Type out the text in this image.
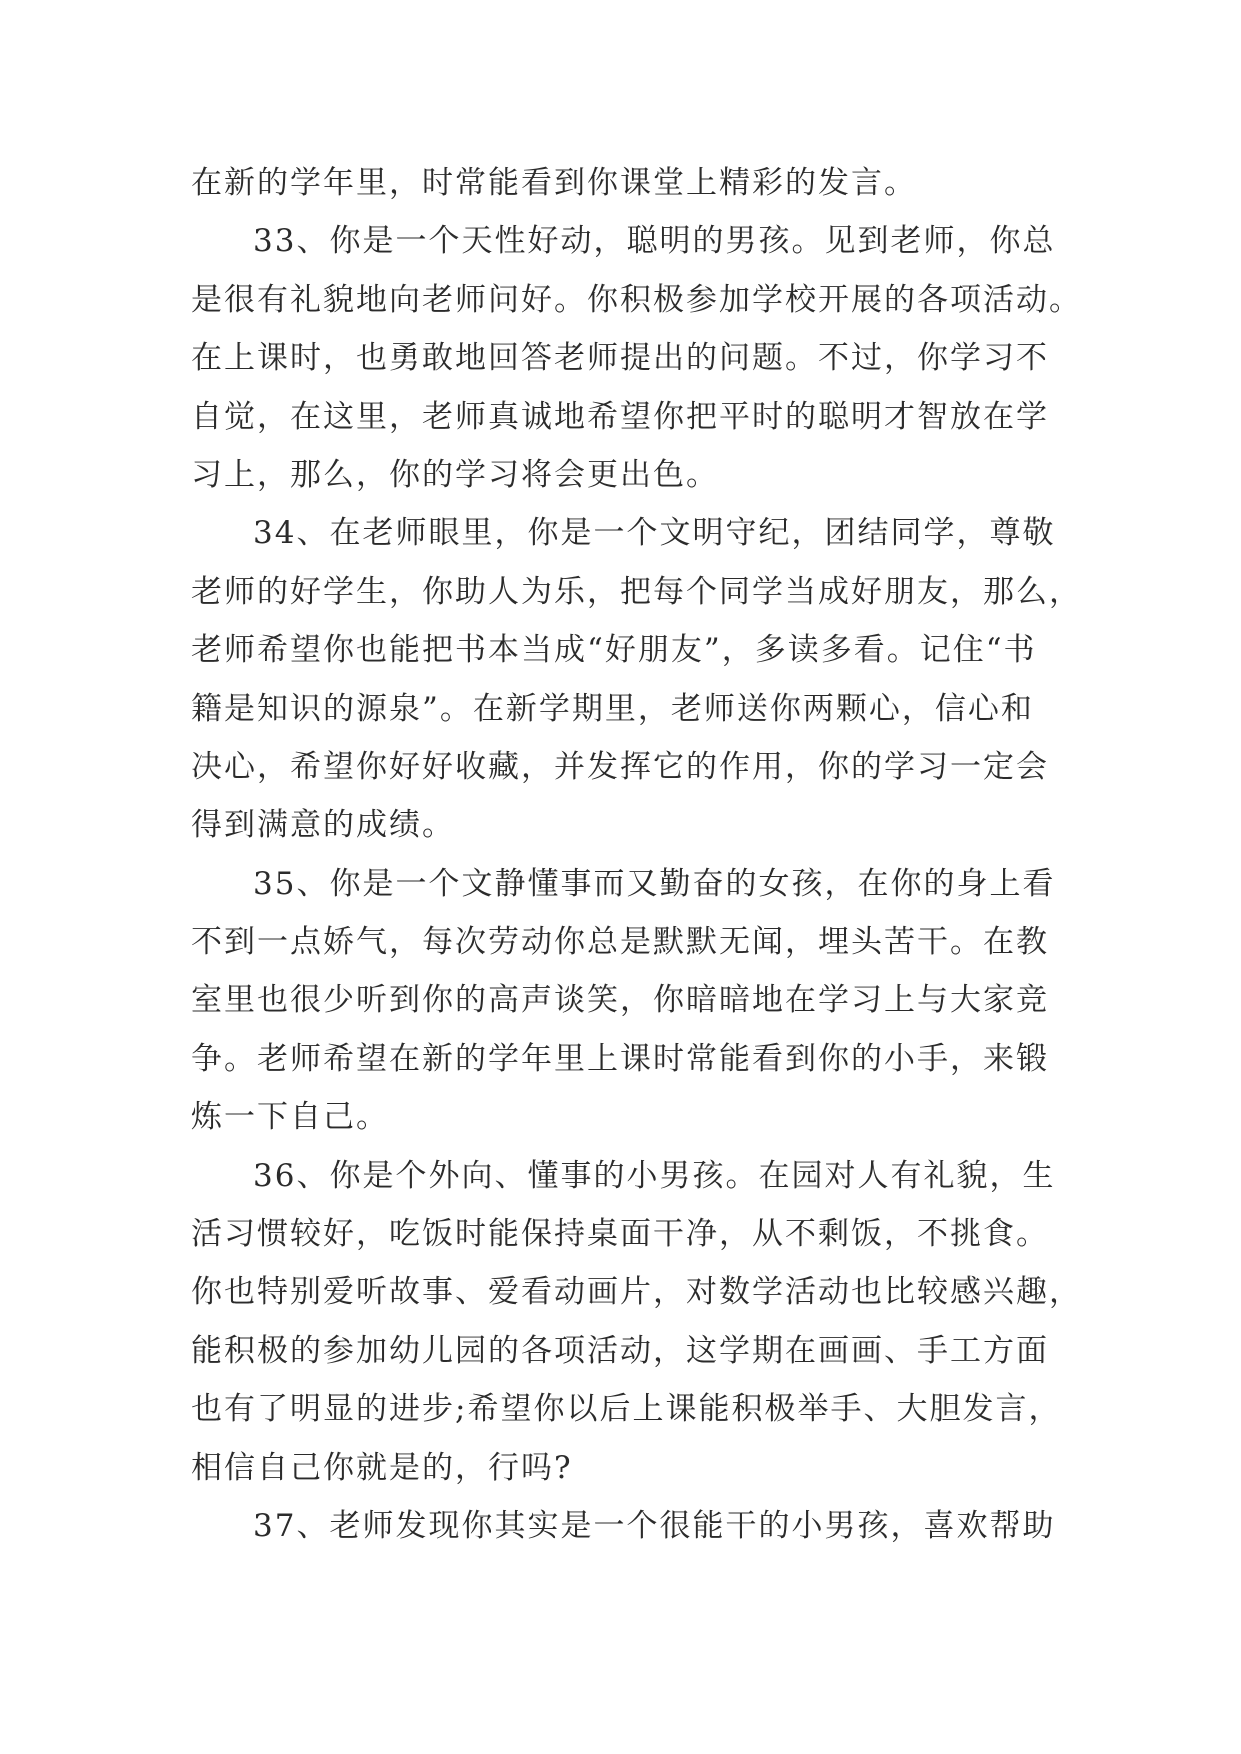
在新的学年里，时常能看到你课堂上精彩的发言。
33、你是一个天性好动，聪明的男孩。见到老师，你总
是很有礼貌地向老师问好。你积极参加学校开展的各项活动。
在上课时，也勇敢地回答老师提出的问题。不过，你学习不
自觉，在这里，老师真诚地希望你把平时的聪明才智放在学
习上，那么，你的学习将会更出色。
34、在老师眼里，你是一个文明守纪，团结同学，尊敬
老师的好学生，你助人为乐，把每个同学当成好朋友，那么，
老师希望你也能把书本当成“好朋友”，多读多看。记住“书
籍是知识的源泉”。在新学期里，老师送你两颗心，信心和
决心，希望你好好收藏，并发挥它的作用，你的学习一定会
得到满意的成绩。
35、你是一个文静懂事而又勤奋的女孩，在你的身上看
不到一点娇气，每次劳动你总是默默无闻，埋头苦干。在教
室里也很少听到你的高声谈笑，你暗暗地在学习上与大家竞
争。老师希望在新的学年里上课时常能看到你的小手，来锻
炼一下自己。
36、你是个外向、懂事的小男孩。在园对人有礼貌，生
活习惯较好，吃饭时能保持桌面干净，从不剩饭，不挑食。
你也特别爱听故事、爱看动画片，对数学活动也比较感兴趣，
能积极的参加幼儿园的各项活动，这学期在画画、手工方面
也有了明显的进步;希望你以后上课能积极举手、大胆发言，
相信自己你就是的，行吗?
37、老师发现你其实是一个很能干的小男孩，喜欢帮助
